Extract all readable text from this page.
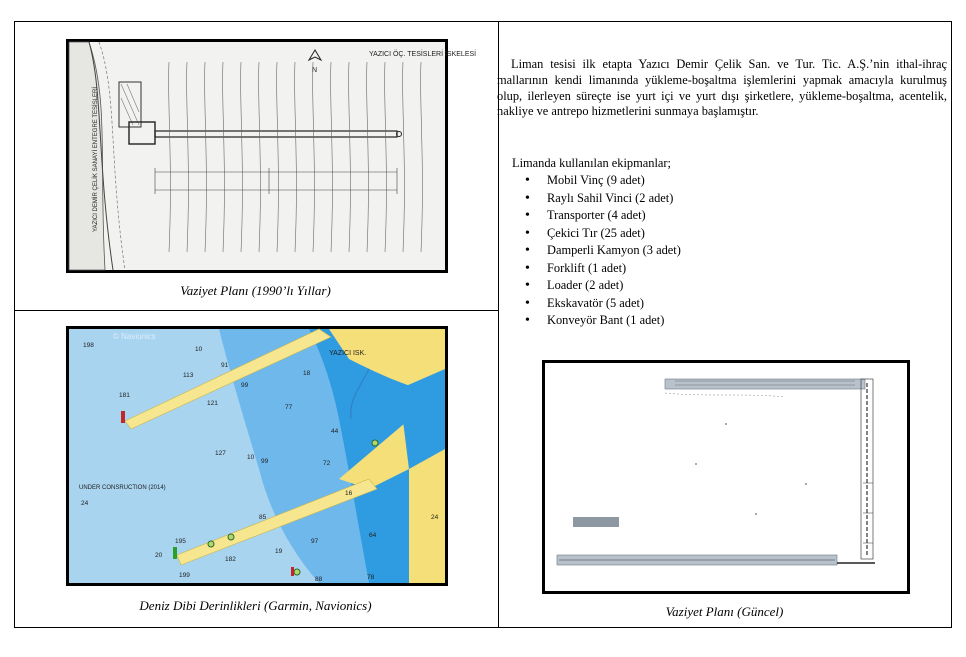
N
YAZICI ÖÇ. TESİSLERİ İSKELESİ
YAZICI DEMİR ÇELİK SANAYİ ENTEGRE TESİSLERİ
Vaziyet Planı (1990’lı Yıllar)
YAZICI ISK.
UNDER CONSRUCTION (2014)
© Navionics
198
10
91
113
99
77
181
121
127
10
99	72
18
44
16
24
85
64
24
195
20
182
19
97
199
88	78
Deniz Dibi Derinlikleri (Garmin, Navionics)
Liman tesisi ilk etapta Yazıcı Demir Çelik San. ve Tur. Tic. A.Ş.’nin ithal-ihraç mallarının kendi limanında yükleme-boşaltma işlemlerini yapmak amacıyla kurulmuş olup, ilerleyen süreçte ise yurt içi ve yurt dışı şirketlere, yükleme-boşaltma, acentelik, nakliye ve antrepo hizmetlerini sunmaya başlamıştır.
Limanda kullanılan ekipmanlar;
• Mobil Vinç (9 adet)
• Raylı Sahil Vinci (2 adet)
• Transporter (4 adet)
• Çekici Tır (25 adet)
• Damperli Kamyon (3 adet)
• Forklift (1 adet)
• Loader (2 adet)
• Ekskavatör (5 adet)
• Konveyör Bant (1 adet)
Vaziyet Planı (Güncel)
